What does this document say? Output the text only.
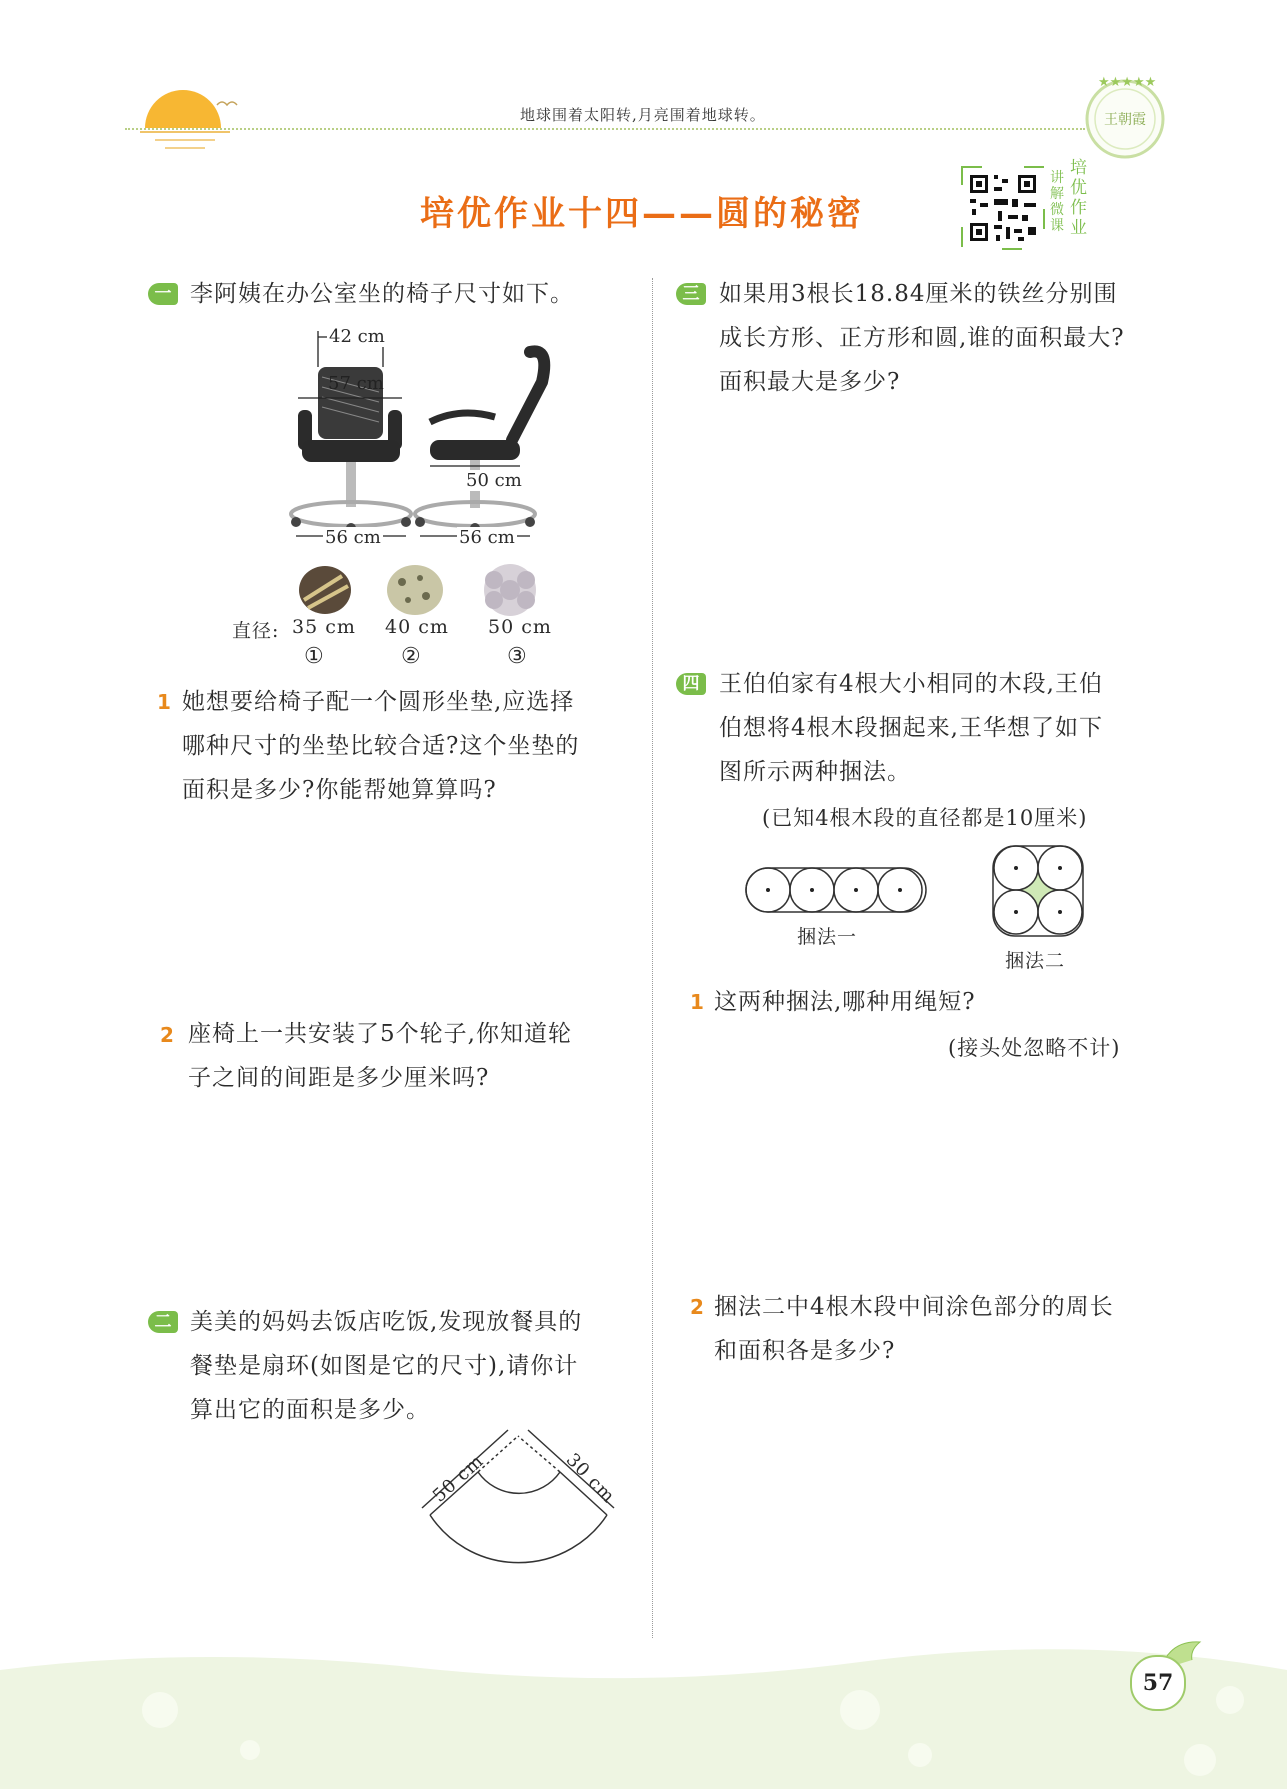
地球围着太阳转,月亮围着地球转。
★★★★★
王朝霞
培优作业十四——圆的秘密
讲解微课
培优作业
一 李阿姨在办公室坐的椅子尺寸如下。
42 cm
57 cm
50 cm
56 cm	56 cm
直径: 35 cm 40 cm 50 cm
①	②	③
1 她想要给椅子配一个圆形坐垫,应选择
哪种尺寸的坐垫比较合适?这个坐垫的
面积是多少?你能帮她算算吗?
2 座椅上一共安装了5个轮子,你知道轮
子之间的间距是多少厘米吗?
二 美美的妈妈去饭店吃饭,发现放餐具的
餐垫是扇环(如图是它的尺寸),请你计
算出它的面积是多少。
50 cm	30 cm
三 如果用3根长18.84厘米的铁丝分别围
成长方形、正方形和圆,谁的面积最大?
面积最大是多少?
四 王伯伯家有4根大小相同的木段,王伯
伯想将4根木段捆起来,王华想了如下
图所示两种捆法。
(已知4根木段的直径都是10厘米)
捆法一
捆法二
1 这两种捆法,哪种用绳短?
(接头处忽略不计)
2 捆法二中4根木段中间涂色部分的周长
和面积各是多少?
57
